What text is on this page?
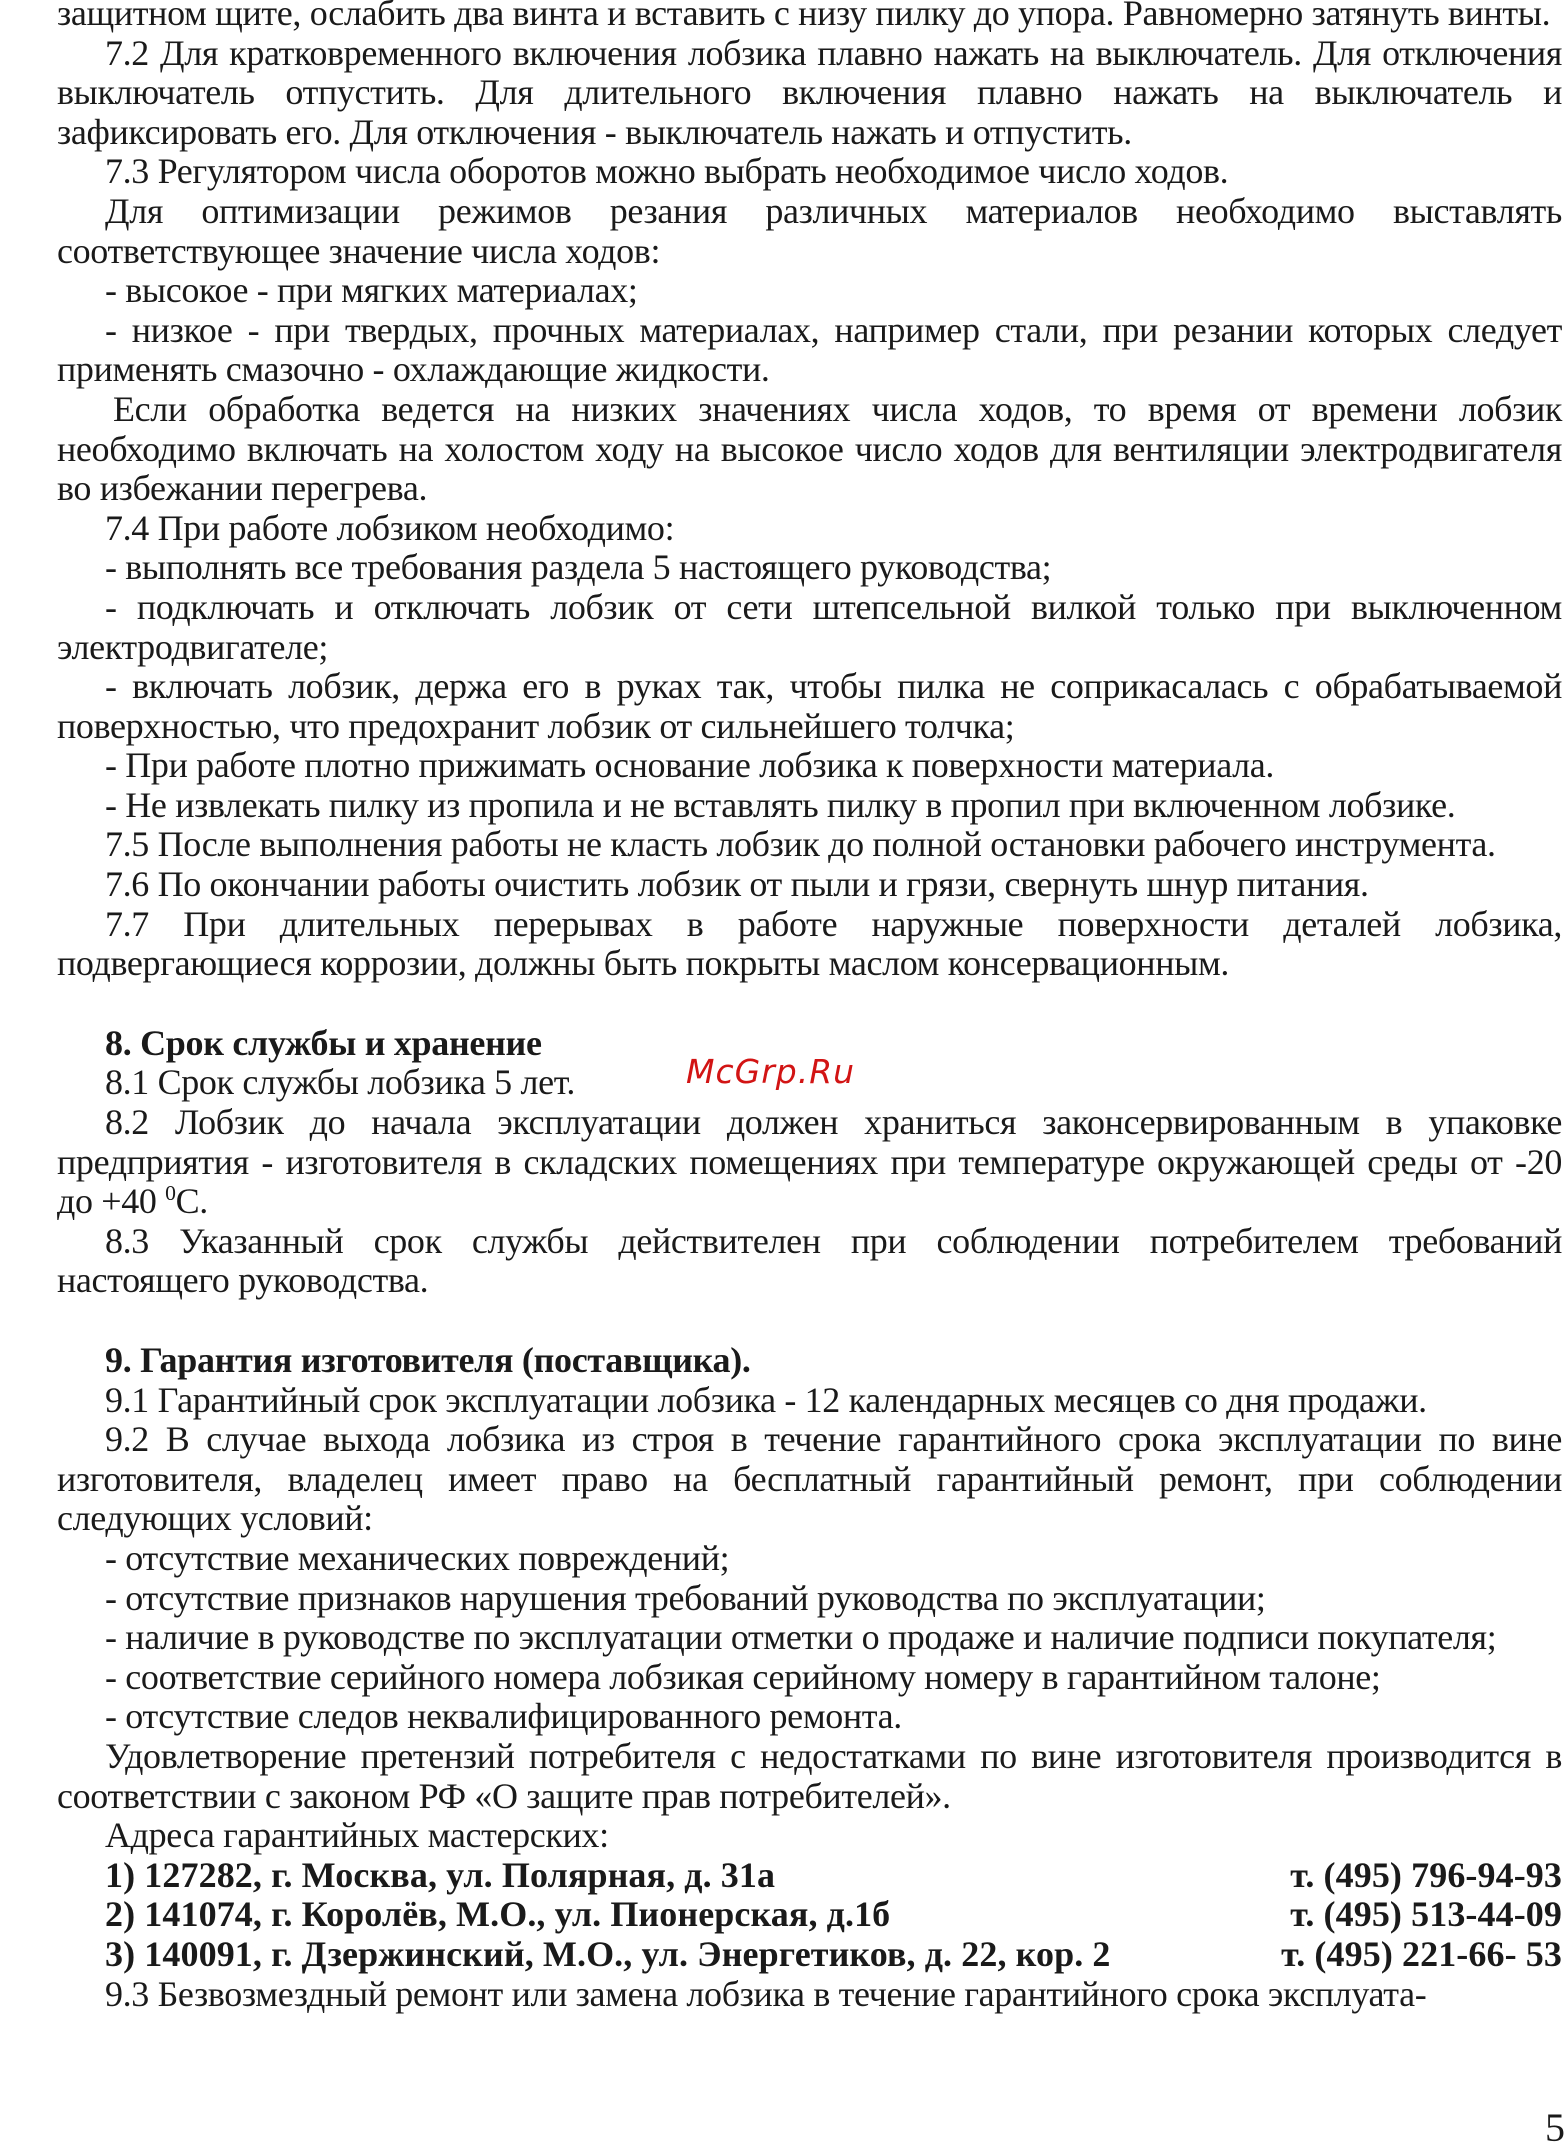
защитном щите, ослабить два винта и вставить с низу пилку до упора. Равномерно затянуть винты.

7.2 Для кратковременного включения лобзика плавно нажать на выключатель. Для отключения выключатель отпустить. Для длительного включения плавно нажать на выключатель и зафиксировать его. Для отключения - выключатель нажать и отпустить.

7.3 Регулятором числа оборотов можно выбрать необходимое число ходов.

Для оптимизации режимов резания различных материалов необходимо выставлять соответствующее значение числа ходов:

- высокое - при мягких материалах;

- низкое - при твердых, прочных материалах, например стали, при резании которых следует применять смазочно - охлаждающие жидкости.

Если обработка ведется на низких значениях числа ходов, то время от времени лобзик необходимо включать на холостом ходу на высокое число ходов для вентиляции электродвигателя во избежании перегрева.

7.4 При работе лобзиком необходимо:

- выполнять все требования раздела 5 настоящего руководства;

- подключать и отключать лобзик от сети штепсельной вилкой только при выключенном электродвигателе;

- включать лобзик, держа его в руках так, чтобы пилка не соприкасалась с обрабатываемой поверхностью, что предохранит лобзик от сильнейшего толчка;

- При работе плотно прижимать основание лобзика к поверхности материала.

- Не извлекать пилку из пропила и не вставлять пилку в пропил при включенном лобзике.

7.5 После выполнения работы не класть лобзик до полной остановки рабочего инструмента.

7.6 По окончании работы очистить лобзик от пыли и грязи, свернуть шнур питания.

7.7 При длительных перерывах в работе наружные поверхности деталей лобзика, подвергающиеся коррозии, должны быть покрыты маслом консервационным.

8. Срок службы и хранение

8.1 Срок службы лобзика 5 лет.

8.2 Лобзик до начала эксплуатации должен храниться законсервированным в упаковке предприятия - изготовителя в складских помещениях при температуре окружающей среды от -20 до +40 $^0$С.

8.3 Указанный срок службы действителен при соблюдении потребителем требований настоящего руководства.

9. Гарантия изготовителя (поставщика).

9.1 Гарантийный срок эксплуатации лобзика - 12 календарных месяцев со дня продажи.

9.2 В случае выхода лобзика из строя в течение гарантийного срока эксплуатации по вине изготовителя, владелец имеет право на бесплатный гарантийный ремонт, при соблюдении следующих условий:

- отсутствие механических повреждений;

- отсутствие признаков нарушения требований руководства по эксплуатации;

- наличие в руководстве по эксплуатации отметки о продаже и наличие подписи покупателя;

- соответствие серийного номера лобзикая серийному номеру в гарантийном талоне;

- отсутствие следов неквалифицированного ремонта.

Удовлетворение претензий потребителя с недостатками по вине изготовителя производится в соответствии с законом РФ «О защите прав потребителей».

Адреса гарантийных мастерских:

1) 127282, г. Москва, ул. Полярная, д. 31а	т. (495) 796-94-93
2) 141074, г. Королёв, М.О., ул. Пионерская, д.1б	т. (495) 513-44-09
3) 140091, г. Дзержинский, М.О., ул. Энергетиков, д. 22, кор. 2	т. (495) 221-66- 53

9.3 Безвозмездный ремонт или замена лобзика в течение гарантийного срока эксплуата-

McGrp.Ru
5
